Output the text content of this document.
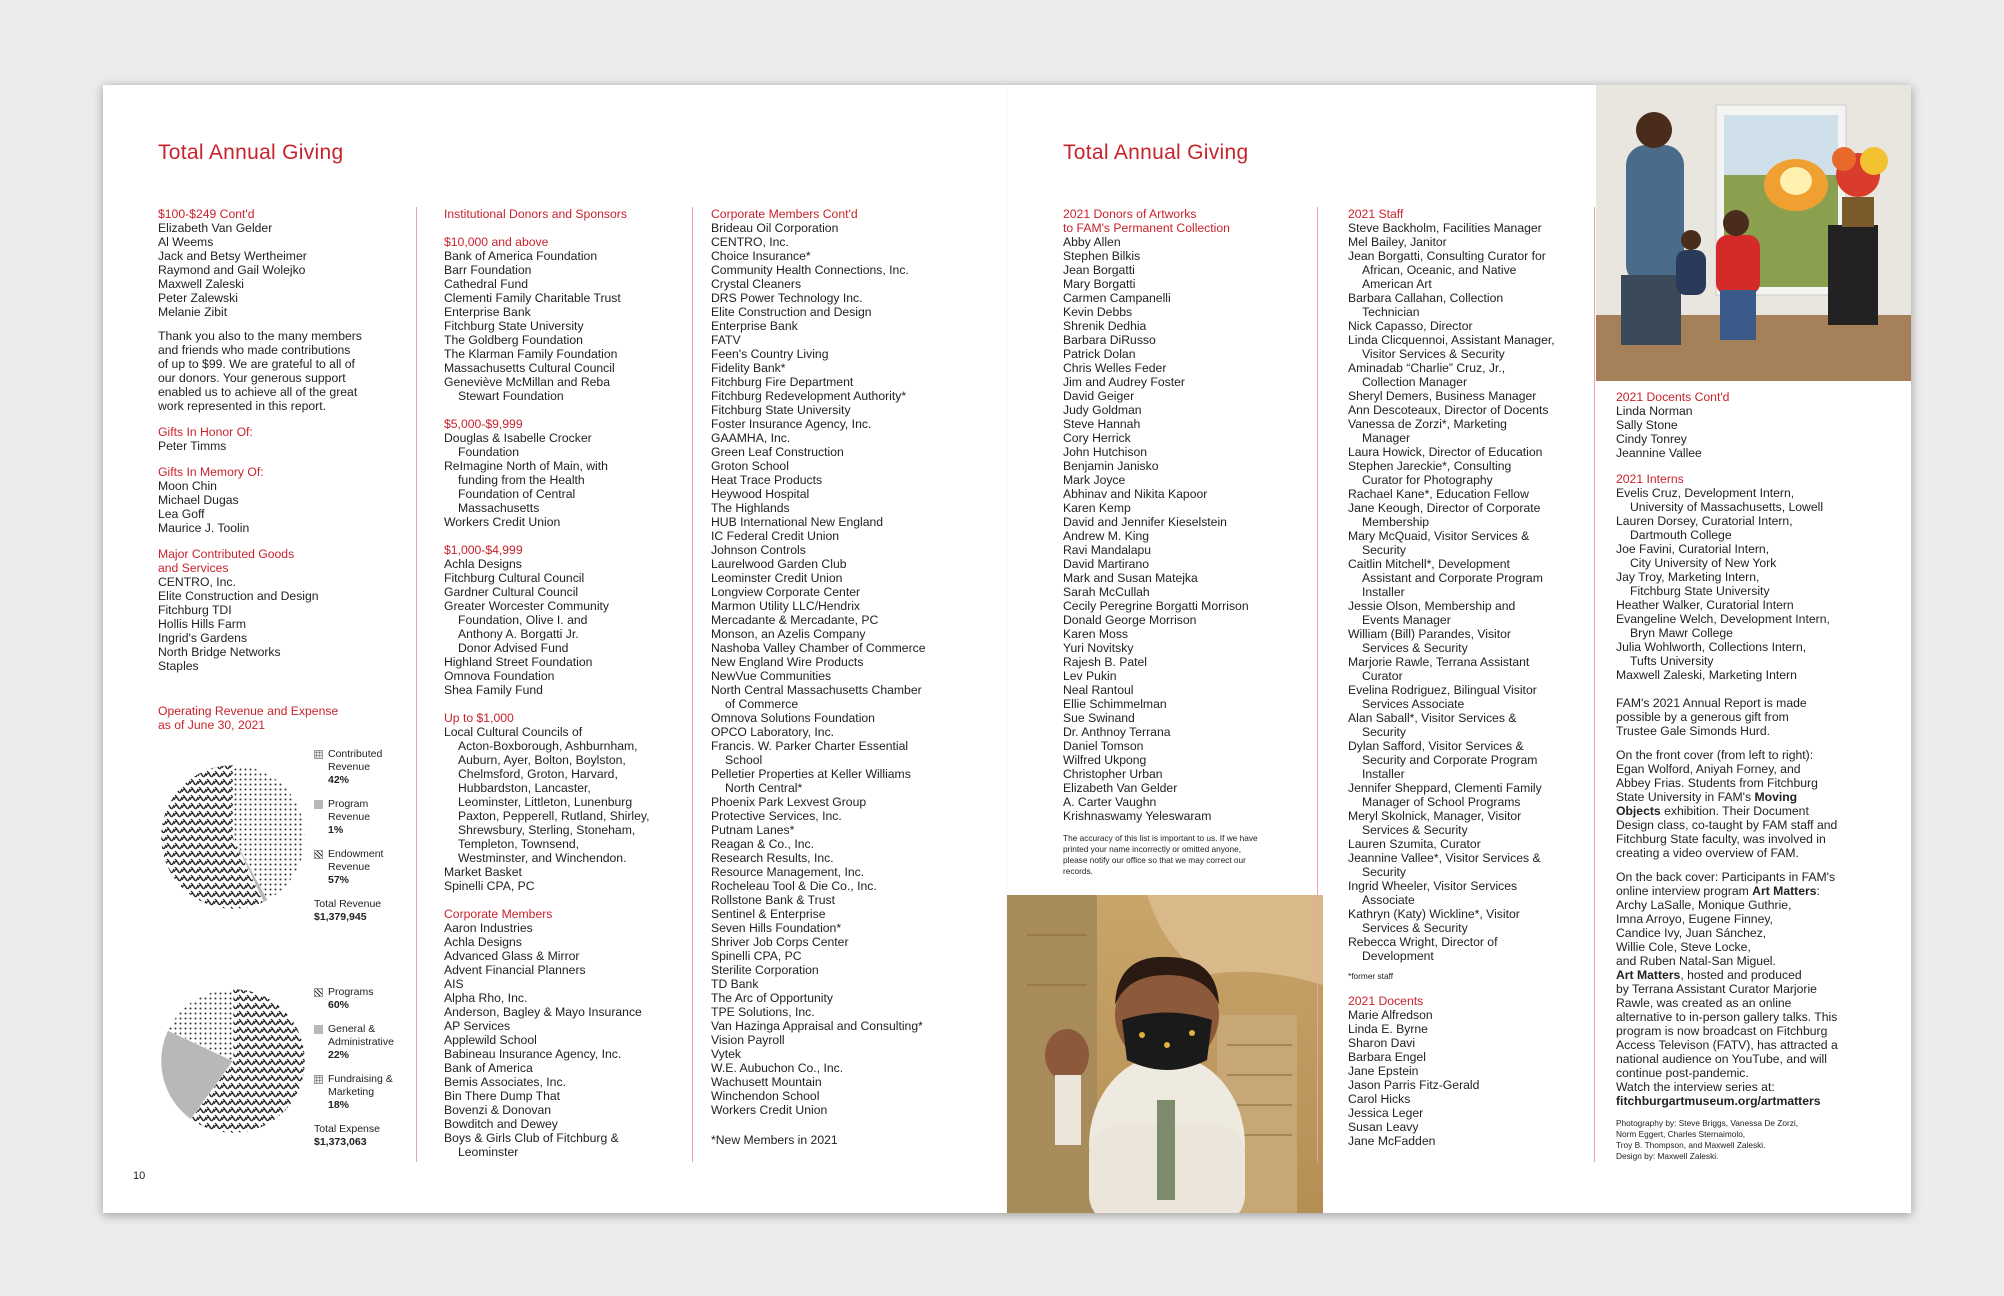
Total Annual Giving
$100-$249 Cont'd
Elizabeth Van Gelder
Al Weems
Jack and Betsy Wertheimer
Raymond and Gail Wolejko
Maxwell Zaleski
Peter Zalewski
Melanie Zibit
Thank you also to the many members
and friends who made contributions
of up to $99. We are grateful to all of
our donors. Your generous support
enabled us to achieve all of the great
work represented in this report.
Gifts In Honor Of:
Peter Timms
Gifts In Memory Of:
Moon Chin
Michael Dugas
Lea Goff
Maurice J. Toolin
Major Contributed Goods
and Services
CENTRO, Inc.
Elite Construction and Design
Fitchburg TDI
Hollis Hills Farm
Ingrid's Gardens
North Bridge Networks
Staples
Operating Revenue and Expense
as of June 30, 2021
Contributed
Revenue
42%
Program
Revenue
1%
Endowment
Revenue
57%
Total Revenue
$1,379,945
Programs
60%
General &
Administrative
22%
Fundraising &
Marketing
18%
Total Expense
$1,373,063
Institutional Donors and Sponsors
$10,000 and above
Bank of America Foundation
Barr Foundation
Cathedral Fund
Clementi Family Charitable Trust
Enterprise Bank
Fitchburg State University
The Goldberg Foundation
The Klarman Family Foundation
Massachusetts Cultural Council
Geneviève McMillan and Reba
Stewart Foundation
$5,000-$9,999
Douglas & Isabelle Crocker
Foundation
ReImagine North of Main, with
funding from the Health
Foundation of Central
Massachusetts
Workers Credit Union
$1,000-$4,999
Achla Designs
Fitchburg Cultural Council
Gardner Cultural Council
Greater Worcester Community
Foundation, Olive I. and
Anthony A. Borgatti Jr.
Donor Advised Fund
Highland Street Foundation
Omnova Foundation
Shea Family Fund
Up to $1,000
Local Cultural Councils of
Acton-Boxborough, Ashburnham,
Auburn, Ayer, Bolton, Boylston,
Chelmsford, Groton, Harvard,
Hubbardston, Lancaster,
Leominster, Littleton, Lunenburg
Paxton, Pepperell, Rutland, Shirley,
Shrewsbury, Sterling, Stoneham,
Templeton, Townsend,
Westminster, and Winchendon.
Market Basket
Spinelli CPA, PC
Corporate Members
Aaron Industries
Achla Designs
Advanced Glass & Mirror
Advent Financial Planners
AIS
Alpha Rho, Inc.
Anderson, Bagley & Mayo Insurance
AP Services
Applewild School
Babineau Insurance Agency, Inc.
Bank of America
Bemis Associates, Inc.
Bin There Dump That
Bovenzi & Donovan
Bowditch and Dewey
Boys & Girls Club of Fitchburg &
Leominster
Corporate Members Cont'd
Brideau Oil Corporation
CENTRO, Inc.
Choice Insurance*
Community Health Connections, Inc.
Crystal Cleaners
DRS Power Technology Inc.
Elite Construction and Design
Enterprise Bank
FATV
Feen's Country Living
Fidelity Bank*
Fitchburg Fire Department
Fitchburg Redevelopment Authority*
Fitchburg State University
Foster Insurance Agency, Inc.
GAAMHA, Inc.
Green Leaf Construction
Groton School
Heat Trace Products
Heywood Hospital
The Highlands
HUB International New England
IC Federal Credit Union
Johnson Controls
Laurelwood Garden Club
Leominster Credit Union
Longview Corporate Center
Marmon Utility LLC/Hendrix
Mercadante & Mercadante, PC
Monson, an Azelis Company
Nashoba Valley Chamber of Commerce
New England Wire Products
NewVue Communities
North Central Massachusetts Chamber
of Commerce
Omnova Solutions Foundation
OPCO Laboratory, Inc.
Francis. W. Parker Charter Essential
School
Pelletier Properties at Keller Williams
North Central*
Phoenix Park Lexvest Group
Protective Services, Inc.
Putnam Lanes*
Reagan & Co., Inc.
Research Results, Inc.
Resource Management, Inc.
Rocheleau Tool & Die Co., Inc.
Rollstone Bank & Trust
Sentinel & Enterprise
Seven Hills Foundation*
Shriver Job Corps Center
Spinelli CPA, PC
Sterilite Corporation
TD Bank
The Arc of Opportunity
TPE Solutions, Inc.
Van Hazinga Appraisal and Consulting*
Vision Payroll
Vytek
W.E. Aubuchon Co., Inc.
Wachusett Mountain
Winchendon School
Workers Credit Union
*New Members in 2021
10
Total Annual Giving
2021 Donors of Artworks
to FAM's Permanent Collection
Abby Allen
Stephen Bilkis
Jean Borgatti
Mary Borgatti
Carmen Campanelli
Kevin Debbs
Shrenik Dedhia
Barbara DiRusso
Patrick Dolan
Chris Welles Feder
Jim and Audrey Foster
David Geiger
Judy Goldman
Steve Hannah
Cory Herrick
John Hutchison
Benjamin Janisko
Mark Joyce
Abhinav and Nikita Kapoor
Karen Kemp
David and Jennifer Kieselstein
Andrew M. King
Ravi Mandalapu
David Martirano
Mark and Susan Matejka
Sarah McCullah
Cecily Peregrine Borgatti Morrison
Donald George Morrison
Karen Moss
Yuri Novitsky
Rajesh B. Patel
Lev Pukin
Neal Rantoul
Ellie Schimmelman
Sue Swinand
Dr. Anthnoy Terrana
Daniel Tomson
Wilfred Ukpong
Christopher Urban
Elizabeth Van Gelder
A. Carter Vaughn
Krishnaswamy Yeleswaram
The accuracy of this list is important to us. If we have
printed your name incorrectly or omitted anyone,
please notify our office so that we may correct our
records.
2021 Staff
Steve Backholm, Facilities Manager
Mel Bailey, Janitor
Jean Borgatti, Consulting Curator for
African, Oceanic, and Native
American Art
Barbara Callahan, Collection
Technician
Nick Capasso, Director
Linda Clicquennoi, Assistant Manager,
Visitor Services & Security
Aminadab “Charlie” Cruz, Jr.,
Collection Manager
Sheryl Demers, Business Manager
Ann Descoteaux, Director of Docents
Vanessa de Zorzi*, Marketing
Manager
Laura Howick, Director of Education
Stephen Jareckie*, Consulting
Curator for Photography
Rachael Kane*, Education Fellow
Jane Keough, Director of Corporate
Membership
Mary McQuaid, Visitor Services &
Security
Caitlin Mitchell*, Development
Assistant and Corporate Program
Installer
Jessie Olson, Membership and
Events Manager
William (Bill) Parandes, Visitor
Services & Security
Marjorie Rawle, Terrana Assistant
Curator
Evelina Rodriguez, Bilingual Visitor
Services Associate
Alan Saball*, Visitor Services &
Security
Dylan Safford, Visitor Services &
Security and Corporate Program
Installer
Jennifer Sheppard, Clementi Family
Manager of School Programs
Meryl Skolnick, Manager, Visitor
Services & Security
Lauren Szumita, Curator
Jeannine Vallee*, Visitor Services &
Security
Ingrid Wheeler, Visitor Services
Associate
Kathryn (Katy) Wickline*, Visitor
Services & Security
Rebecca Wright, Director of
Development
*former staff
2021 Docents
Marie Alfredson
Linda E. Byrne
Sharon Davi
Barbara Engel
Jane Epstein
Jason Parris Fitz-Gerald
Carol Hicks
Jessica Leger
Susan Leavy
Jane McFadden
2021 Docents Cont'd
Linda Norman
Sally Stone
Cindy Tonrey
Jeannine Vallee
2021 Interns
Evelis Cruz, Development Intern,
University of Massachusetts, Lowell
Lauren Dorsey, Curatorial Intern,
Dartmouth College
Joe Favini, Curatorial Intern,
City University of New York
Jay Troy, Marketing Intern,
Fitchburg State University
Heather Walker, Curatorial Intern
Evangeline Welch, Development Intern,
Bryn Mawr College
Julia Wohlworth, Collections Intern,
Tufts University
Maxwell Zaleski, Marketing Intern
FAM's 2021 Annual Report is made
possible by a generous gift from
Trustee Gale Simonds Hurd.
On the front cover (from left to right):
Egan Wolford, Aniyah Forney, and
Abbey Frias. Students from Fitchburg
State University in FAM's Moving
Objects exhibition. Their Document
Design class, co-taught by FAM staff and
Fitchburg State faculty, was involved in
creating a video overview of FAM.
On the back cover: Participants in FAM's
online interview program Art Matters:
Archy LaSalle, Monique Guthrie,
Imna Arroyo, Eugene Finney,
Candice Ivy, Juan Sánchez,
Willie Cole, Steve Locke,
and Ruben Natal-San Miguel.
Art Matters, hosted and produced
by Terrana Assistant Curator Marjorie
Rawle, was created as an online
alternative to in-person gallery talks. This
program is now broadcast on Fitchburg
Access Televison (FATV), has attracted a
national audience on YouTube, and will
continue post-pandemic.
Watch the interview series at:
fitchburgartmuseum.org/artmatters
Photography by: Steve Briggs, Vanessa De Zorzi,
Norm Eggert, Charles Sternaimolo,
Troy B. Thompson, and Maxwell Zaleski.
Design by: Maxwell Zaleski.
